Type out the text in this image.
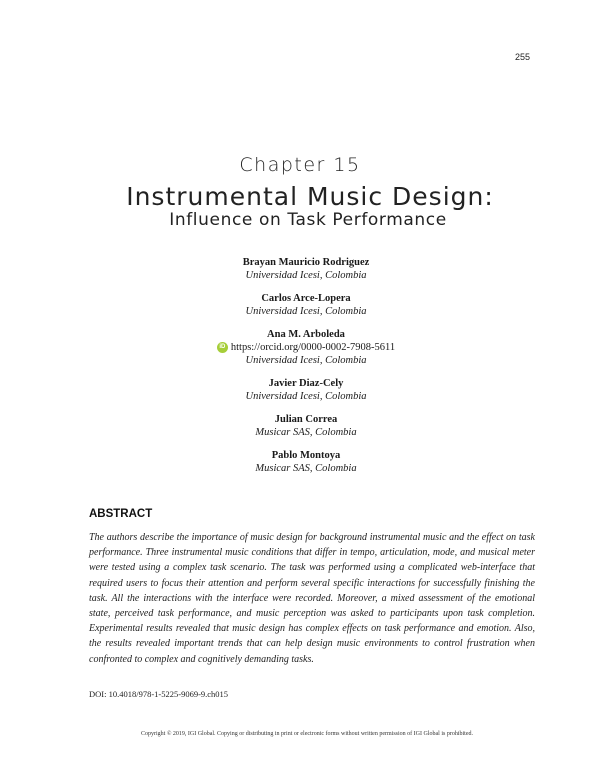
255
Chapter 15
Instrumental Music Design:
Influence on Task Performance
Brayan Mauricio Rodriguez
Universidad Icesi, Colombia
Carlos Arce-Lopera
Universidad Icesi, Colombia
Ana M. Arboleda
iD https://orcid.org/0000-0002-7908-5611
Universidad Icesi, Colombia
Javier Diaz-Cely
Universidad Icesi, Colombia
Julian Correa
Musicar SAS, Colombia
Pablo Montoya
Musicar SAS, Colombia
ABSTRACT
The authors describe the importance of music design for background instrumental music and the effect on task performance. Three instrumental music conditions that differ in tempo, articulation, mode, and musical meter were tested using a complex task scenario. The task was performed using a complicated web-interface that required users to focus their attention and perform several specific interactions for successfully finishing the task. All the interactions with the interface were recorded. Moreover, a mixed assessment of the emotional state, perceived task performance, and music perception was asked to participants upon task completion. Experimental results revealed that music design has complex effects on task performance and emotion. Also, the results revealed important trends that can help design music environments to control frustration when confronted to complex and cognitively demanding tasks.
DOI: 10.4018/978-1-5225-9069-9.ch015
Copyright © 2019, IGI Global. Copying or distributing in print or electronic forms without written permission of IGI Global is prohibited.
